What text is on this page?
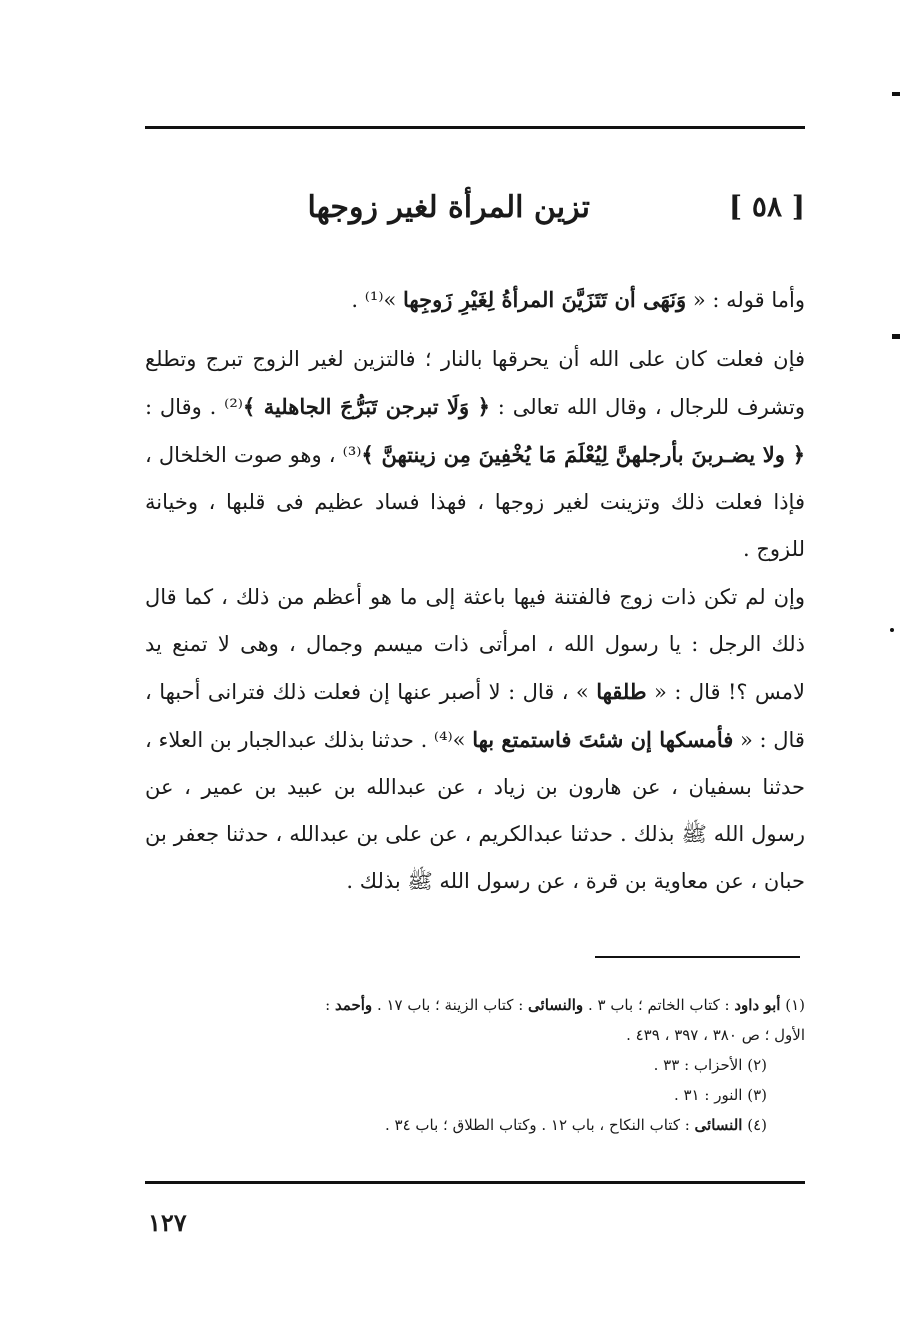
[ ٥٨ ]
تزين المرأة لغير زوجها
وأما قوله : « وَنَهَى أن تَتَزَيَّنَ المرأةُ لِغَيْرِ زَوجِها »⁽¹⁾ .
فإن فعلت كان على الله أن يحرقها بالنار ؛ فالتزين لغير الزوج تبرج وتطلع وتشرف للرجال ، وقال الله تعالى : ﴿ وَلَا تبرجن تَبَرُّجَ الجاهلية ﴾⁽²⁾ . وقال : ﴿ ولا يضـربنَ بأرجلهنَّ لِيُعْلَمَ مَا يُخْفِينَ مِن زينتهنَّ ﴾⁽³⁾ ، وهو صوت الخلخال ، فإذا فعلت ذلك وتزينت لغير زوجها ، فهذا فساد عظيم فى قلبها ، وخيانة للزوج .
وإن لم تكن ذات زوج فالفتنة فيها باعثة إلى ما هو أعظم من ذلك ، كما قال ذلك الرجل : يا رسول الله ، امرأتى ذات ميسم وجمال ، وهى لا تمنع يد لامس ؟! قال : « طلقها » ، قال : لا أصبر عنها إن فعلت ذلك فترانى أحبها ، قال : « فأمسكها إن شئتَ فاستمتع بها »⁽⁴⁾ . حدثنا بذلك عبدالجبار بن العلاء ، حدثنا بسفيان ، عن هارون بن زياد ، عن عبدالله بن عبيد بن عمير ، عن رسول الله ﷺ بذلك . حدثنا عبدالكريم ، عن على بن عبدالله ، حدثنا جعفر بن حبان ، عن معاوية بن قرة ، عن رسول الله ﷺ بذلك .
(١) أبو داود : كتاب الخاتم ؛ باب ٣ . والنسائى : كتاب الزينة ؛ باب ١٧ . وأحمد :
الأول ؛ ص ٣٨٠ ، ٣٩٧ ، ٤٣٩ .
(٢) الأحزاب : ٣٣ .
(٣) النور : ٣١ .
(٤) النسائى : كتاب النكاح ، باب ١٢ . وكتاب الطلاق ؛ باب ٣٤ .
١٢٧
